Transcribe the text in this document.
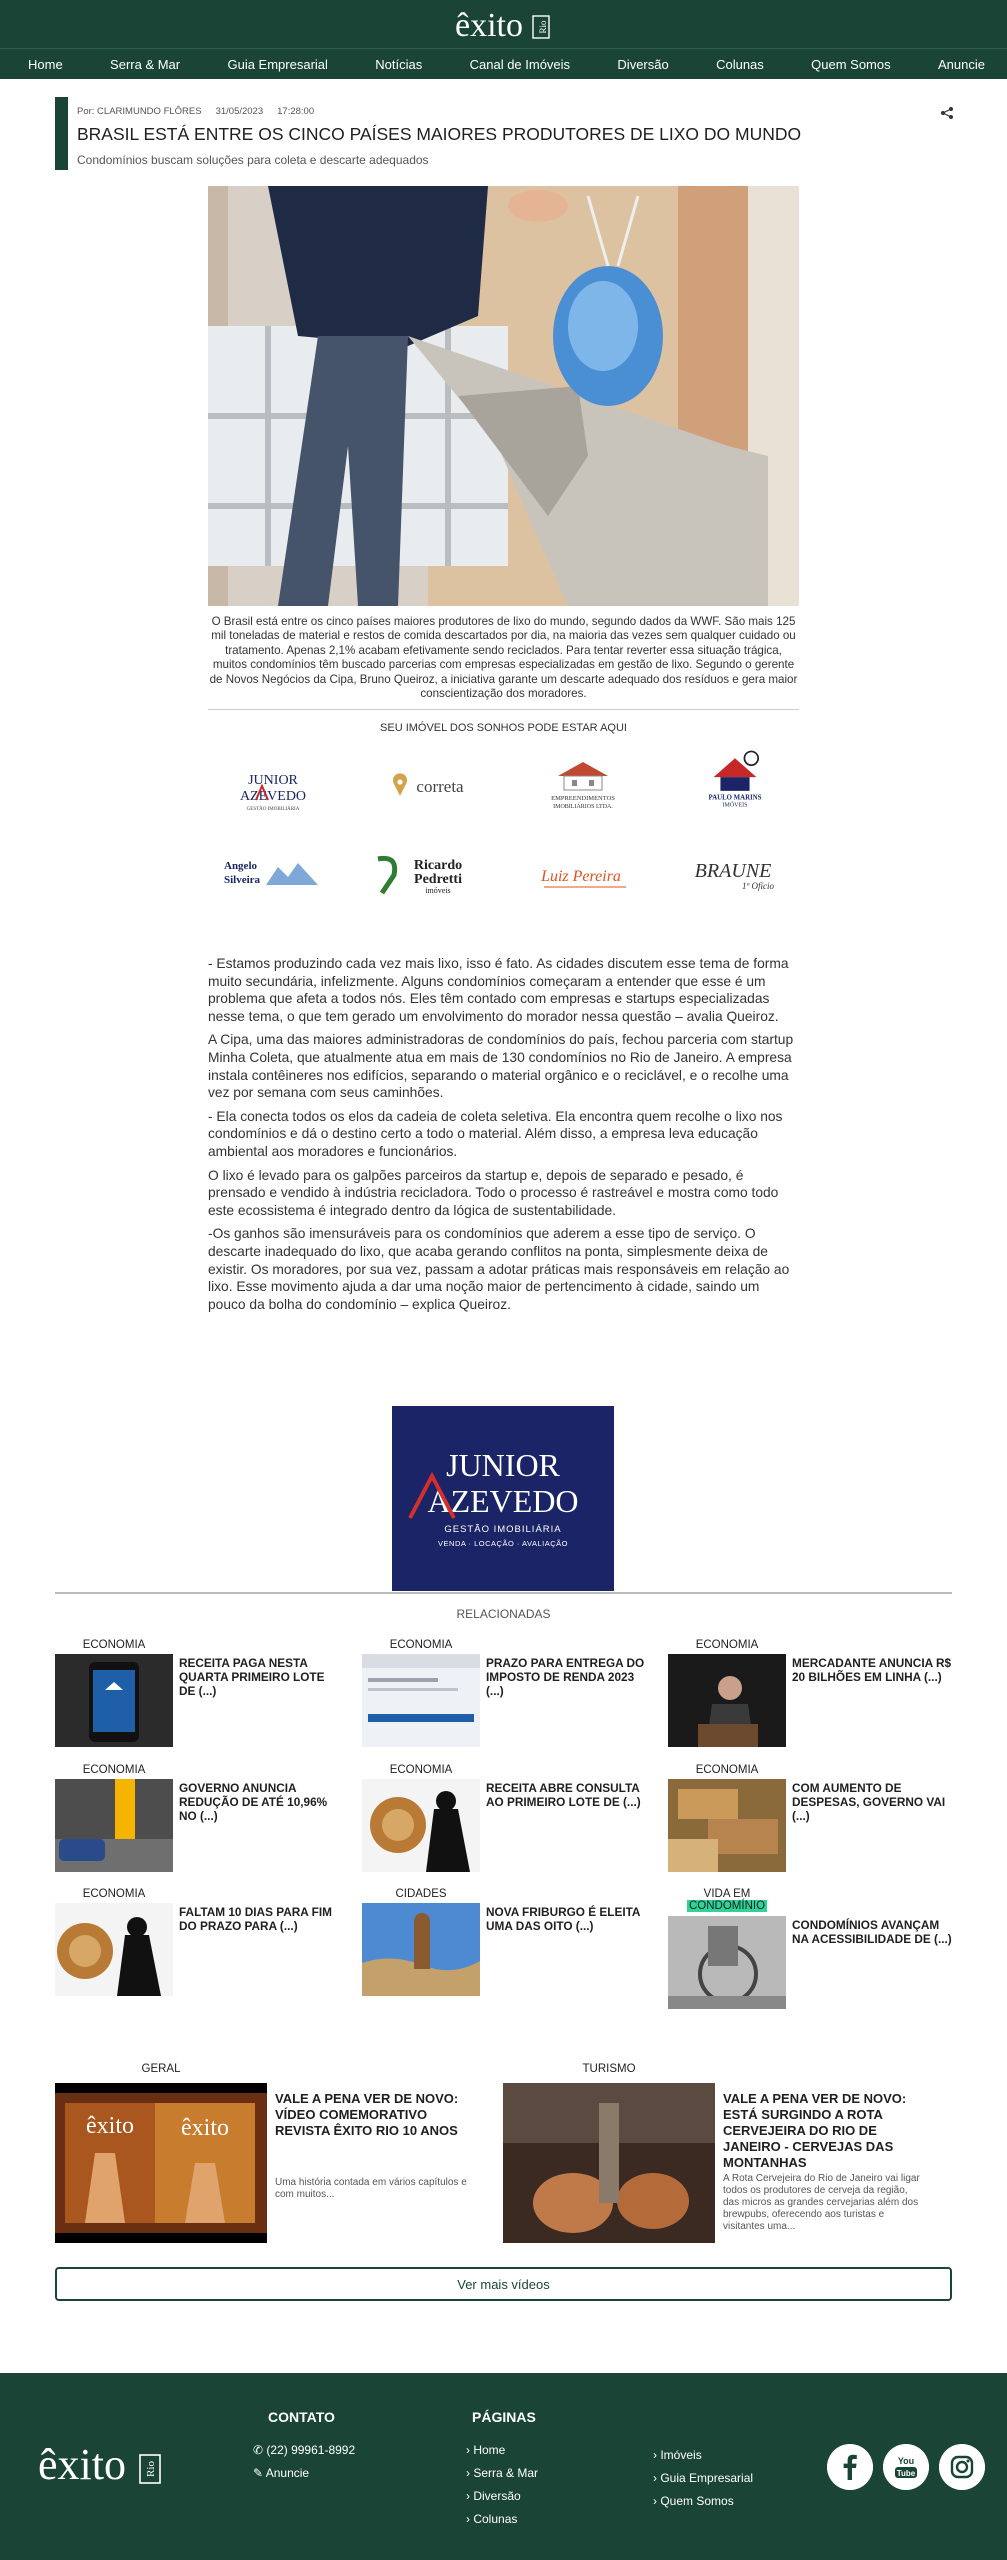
êxito Rio
Home	Serra & Mar	Guia Empresarial	Notícias	Canal de Imóveis	Diversão	Colunas	Quem Somos	Anuncie
Por: CLARIMUNDO FLÔRES 31/05/2023 17:28:00
BRASIL ESTÁ ENTRE OS CINCO PAÍSES MAIORES PRODUTORES DE LIXO DO MUNDO
Condomínios buscam soluções para coleta e descarte adequados
O Brasil está entre os cinco países maiores produtores de lixo do mundo, segundo dados da WWF. São mais 125 mil toneladas de material e restos de comida descartados por dia, na maioria das vezes sem qualquer cuidado ou tratamento. Apenas 2,1% acabam efetivamente sendo reciclados. Para tentar reverter essa situação trágica, muitos condomínios têm buscado parcerias com empresas especializadas em gestão de lixo. Segundo o gerente de Novos Negócios da Cipa, Bruno Queiroz, a iniciativa garante um descarte adequado dos resíduos e gera maior conscientização dos moradores.
SEU IMÓVEL DOS SONHOS PODE ESTAR AQUI
JUNIOR
AZEVEDO
GESTÃO IMOBILIÁRIA
correta
EMPREENDIMENTOS
IMOBILIÁRIOS LTDA.
PAULO MARINS
IMÓVEIS
Angelo
Silveira
Ricardo
Pedretti
imóveis
Luiz Pereira	BRAUNE
1º Ofício

- Estamos produzindo cada vez mais lixo, isso é fato. As cidades discutem esse tema de forma muito secundária, infelizmente. Alguns condomínios começaram a entender que esse é um problema que afeta a todos nós. Eles têm contado com empresas e startups especializadas nesse tema, o que tem gerado um envolvimento do morador nessa questão – avalia Queiroz.

A Cipa, uma das maiores administradoras de condomínios do país, fechou parceria com startup Minha Coleta, que atualmente atua em mais de 130 condomínios no Rio de Janeiro. A empresa instala contêineres nos edifícios, separando o material orgânico e o reciclável, e o recolhe uma vez por semana com seus caminhões.

- Ela conecta todos os elos da cadeia de coleta seletiva. Ela encontra quem recolhe o lixo nos condomínios e dá o destino certo a todo o material. Além disso, a empresa leva educação ambiental aos moradores e funcionários.

O lixo é levado para os galpões parceiros da startup e, depois de separado e pesado, é prensado e vendido à indústria recicladora. Todo o processo é rastreável e mostra como todo este ecossistema é integrado dentro da lógica de sustentabilidade.

-Os ganhos são imensuráveis para os condomínios que aderem a esse tipo de serviço. O descarte inadequado do lixo, que acaba gerando conflitos na ponta, simplesmente deixa de existir. Os moradores, por sua vez, passam a adotar práticas mais responsáveis em relação ao lixo. Esse movimento ajuda a dar uma noção maior de pertencimento à cidade, saindo um pouco da bolha do condomínio – explica Queiroz.

JUNIOR
AZEVEDO
GESTÃO IMOBILIÁRIA
VENDA · LOCAÇÃO · AVALIAÇÃO
RELACIONADAS
ECONOMIA
RECEITA PAGA NESTA QUARTA PRIMEIRO LOTE DE (...)
ECONOMIA
PRAZO PARA ENTREGA DO IMPOSTO DE RENDA 2023 (...)
ECONOMIA
MERCADANTE ANUNCIA R$ 20 BILHÕES EM LINHA (...)
ECONOMIA
GOVERNO ANUNCIA REDUÇÃO DE ATÉ 10,96% NO (...)
ECONOMIA
RECEITA ABRE CONSULTA AO PRIMEIRO LOTE DE (...)
ECONOMIA
COM AUMENTO DE DESPESAS, GOVERNO VAI (...)
ECONOMIA
FALTAM 10 DIAS PARA FIM DO PRAZO PARA (...)
CIDADES
NOVA FRIBURGO É ELEITA UMA DAS OITO (...)
VIDA EM
CONDOMÍNIO
CONDOMÍNIOS AVANÇAM NA ACESSIBILIDADE DE (...)
GERAL
êxito êxito
VALE A PENA VER DE NOVO: VÍDEO COMEMORATIVO REVISTA ÊXITO RIO 10 ANOS
Uma história contada em vários capítulos e com muitos...
TURISMO
VALE A PENA VER DE NOVO: ESTÁ SURGINDO A ROTA CERVEJEIRA DO RIO DE JANEIRO - CERVEJAS DAS MONTANHAS
A Rota Cervejeira do Rio de Janeiro vai ligar todos os produtores de cerveja da região, das micros as grandes cervejarias além dos brewpubs, oferecendo aos turistas e visitantes uma...
Ver mais vídeos
êxito Rio
CONTATO
✆ (22) 99961-8992
✎ Anuncie
PÁGINAS
› Home
› Serra & Mar
› Diversão
› Colunas
› Imóveis
› Guia Empresarial
› Quem Somos
You
Tube
